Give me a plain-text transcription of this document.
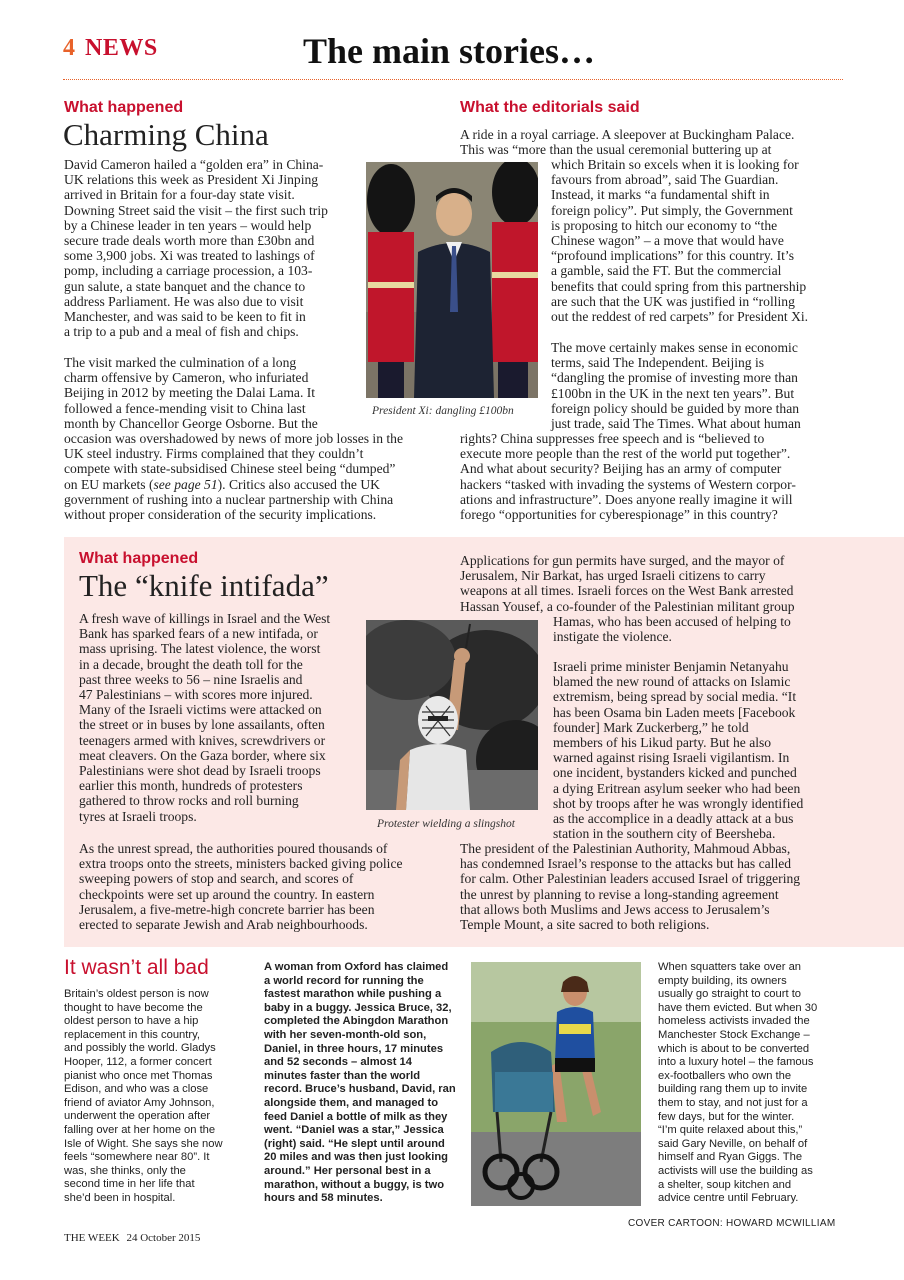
4 NEWS	The main stories…
What happened
Charming China

David Cameron hailed a “golden era” in China-

UK relations this week as President Xi Jinping

arrived in Britain for a four-day state visit.

Downing Street said the visit – the first such trip

by a Chinese leader in ten years – would help

secure trade deals worth more than £30bn and

some 3,900 jobs. Xi was treated to lashings of

pomp, including a carriage procession, a 103-

gun salute, a state banquet and the chance to

address Parliament. He was also due to visit

Manchester, and was said to be keen to fit in

a trip to a pub and a meal of fish and chips.

The visit marked the culmination of a long

charm offensive by Cameron, who infuriated

Beijing in 2012 by meeting the Dalai Lama. It

followed a fence-mending visit to China last

month by Chancellor George Osborne. But the

occasion was overshadowed by news of more job losses in the

UK steel industry. Firms complained that they couldn’t

compete with state-subsidised Chinese steel being “dumped”

on EU markets (see page 51). Critics also accused the UK

government of rushing into a nuclear partnership with China

without proper consideration of the security implications.

President Xi: dangling £100bn
What the editorials said

A ride in a royal carriage. A sleepover at Buckingham Palace.

This was “more than the usual ceremonial buttering up at

which Britain so excels when it is looking for

favours from abroad”, said The Guardian.

Instead, it marks “a fundamental shift in

foreign policy”. Put simply, the Government

is proposing to hitch our economy to “the

Chinese wagon” – a move that would have

“profound implications” for this country. It’s

a gamble, said the FT. But the commercial

benefits that could spring from this partnership

are such that the UK was justified in “rolling

out the reddest of red carpets” for President Xi.

The move certainly makes sense in economic

terms, said The Independent. Beijing is

“dangling the promise of investing more than

£100bn in the UK in the next ten years”. But

foreign policy should be guided by more than

just trade, said The Times. What about human

rights? China suppresses free speech and is “believed to

execute more people than the rest of the world put together”.

And what about security? Beijing has an army of computer

hackers “tasked with invading the systems of Western corpor-

ations and infrastructure”. Does anyone really imagine it will

forego “opportunities for cyberespionage” in this country?

What happened
The “knife intifada”

A fresh wave of killings in Israel and the West

Bank has sparked fears of a new intifada, or

mass uprising. The latest violence, the worst

in a decade, brought the death toll for the

past three weeks to 56 – nine Israelis and

47 Palestinians – with scores more injured.

Many of the Israeli victims were attacked on

the street or in buses by lone assailants, often

teenagers armed with knives, screwdrivers or

meat cleavers. On the Gaza border, where six

Palestinians were shot dead by Israeli troops

earlier this month, hundreds of protesters

gathered to throw rocks and roll burning

tyres at Israeli troops.

As the unrest spread, the authorities poured thousands of

extra troops onto the streets, ministers backed giving police

sweeping powers of stop and search, and scores of

checkpoints were set up around the country. In eastern

Jerusalem, a five-metre-high concrete barrier has been

erected to separate Jewish and Arab neighbourhoods.

Protester wielding a slingshot

Applications for gun permits have surged, and the mayor of

Jerusalem, Nir Barkat, has urged Israeli citizens to carry

weapons at all times. Israeli forces on the West Bank arrested

Hassan Yousef, a co-founder of the Palestinian militant group

Hamas, who has been accused of helping to

instigate the violence.

Israeli prime minister Benjamin Netanyahu

blamed the new round of attacks on Islamic

extremism, being spread by social media. “It

has been Osama bin Laden meets [Facebook

founder] Mark Zuckerberg,” he told

members of his Likud party. But he also

warned against rising Israeli vigilantism. In

one incident, bystanders kicked and punched

a dying Eritrean asylum seeker who had been

shot by troops after he was wrongly identified

as the accomplice in a deadly attack at a bus

station in the southern city of Beersheba.

The president of the Palestinian Authority, Mahmoud Abbas,

has condemned Israel’s response to the attacks but has called

for calm. Other Palestinian leaders accused Israel of triggering

the unrest by planning to revise a long-standing agreement

that allows both Muslims and Jews access to Jerusalem’s

Temple Mount, a site sacred to both religions.

It wasn’t all bad
Britain’s oldest person is now
thought to have become the
oldest person to have a hip
replacement in this country,
and possibly the world. Gladys
Hooper, 112, a former concert
pianist who once met Thomas
Edison, and who was a close
friend of aviator Amy Johnson,
underwent the operation after
falling over at her home on the
Isle of Wight. She says she now
feels “somewhere near 80”. It
was, she thinks, only the
second time in her life that
she’d been in hospital.
A woman from Oxford has claimed
a world record for running the
fastest marathon while pushing a
baby in a buggy. Jessica Bruce, 32,
completed the Abingdon Marathon
with her seven-month-old son,
Daniel, in three hours, 17 minutes
and 52 seconds – almost 14
minutes faster than the world
record. Bruce’s husband, David, ran
alongside them, and managed to
feed Daniel a bottle of milk as they
went. “Daniel was a star,” Jessica
(right) said. “He slept until around
20 miles and was then just looking
around.” Her personal best in a
marathon, without a buggy, is two
hours and 58 minutes.
When squatters take over an
empty building, its owners
usually go straight to court to
have them evicted. But when 30
homeless activists invaded the
Manchester Stock Exchange –
which is about to be converted
into a luxury hotel – the famous
ex-footballers who own the
building rang them up to invite
them to stay, and not just for a
few days, but for the winter.
“I’m quite relaxed about this,”
said Gary Neville, on behalf of
himself and Ryan Giggs. The
activists will use the building as
a shelter, soup kitchen and
advice centre until February.
COVER CARTOON: HOWARD MCWILLIAM
THE WEEK 24 October 2015
